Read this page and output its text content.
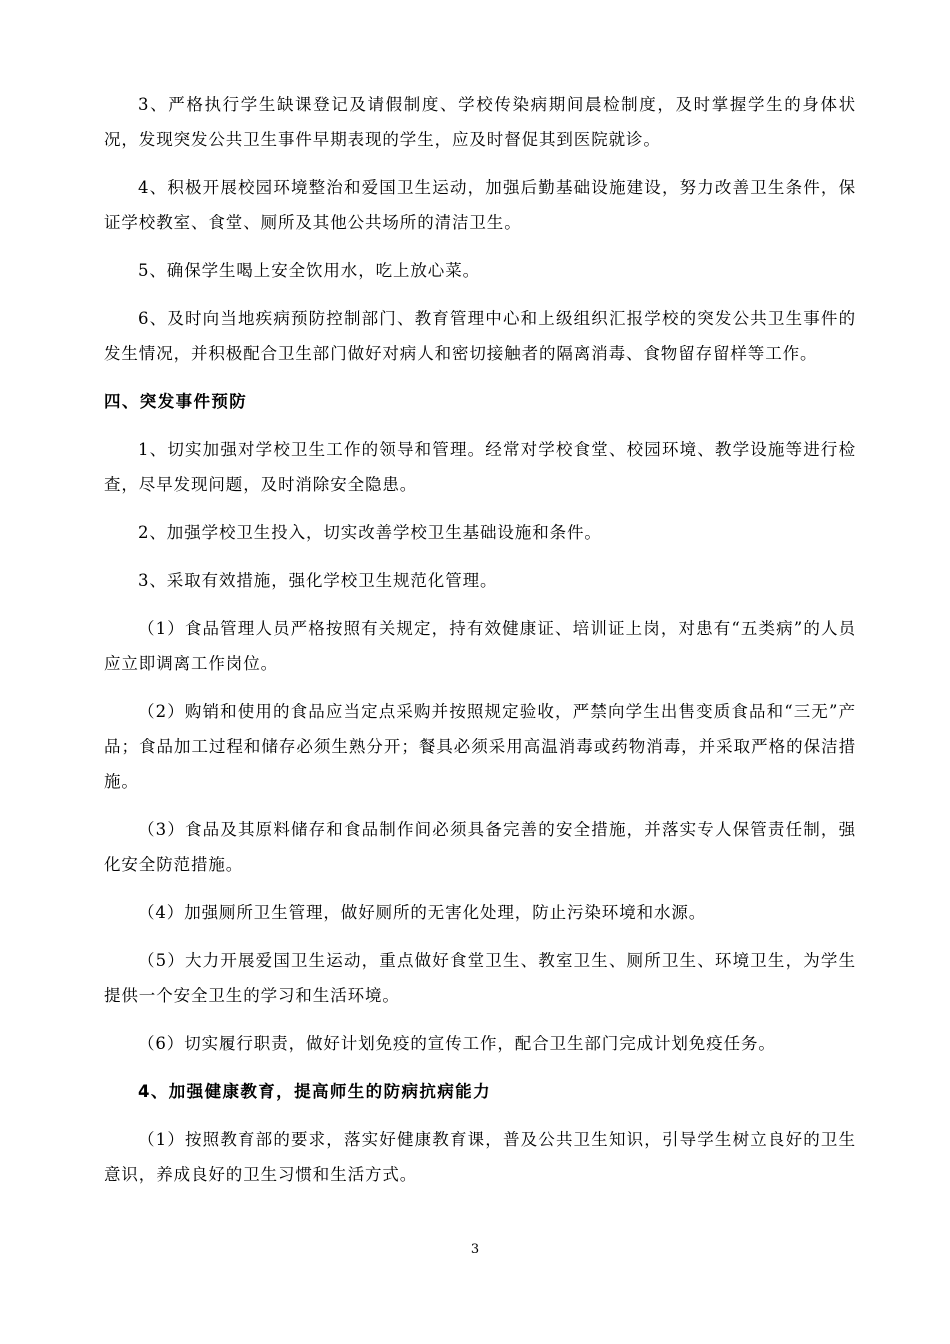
3、严格执行学生缺课登记及请假制度、学校传染病期间晨检制度，及时掌握学生的身体状况，发现突发公共卫生事件早期表现的学生，应及时督促其到医院就诊。

4、积极开展校园环境整治和爱国卫生运动，加强后勤基础设施建设，努力改善卫生条件，保证学校教室、食堂、厕所及其他公共场所的清洁卫生。

5、确保学生喝上安全饮用水，吃上放心菜。

6、及时向当地疾病预防控制部门、教育管理中心和上级组织汇报学校的突发公共卫生事件的发生情况，并积极配合卫生部门做好对病人和密切接触者的隔离消毒、食物留存留样等工作。

四、突发事件预防

1、切实加强对学校卫生工作的领导和管理。经常对学校食堂、校园环境、教学设施等进行检查，尽早发现问题，及时消除安全隐患。

2、加强学校卫生投入，切实改善学校卫生基础设施和条件。

3、采取有效措施，强化学校卫生规范化管理。

（1）食品管理人员严格按照有关规定，持有效健康证、培训证上岗，对患有“五类病”的人员应立即调离工作岗位。

（2）购销和使用的食品应当定点采购并按照规定验收，严禁向学生出售变质食品和“三无”产品；食品加工过程和储存必须生熟分开；餐具必须采用高温消毒或药物消毒，并采取严格的保洁措施。

（3）食品及其原料储存和食品制作间必须具备完善的安全措施，并落实专人保管责任制，强化安全防范措施。

（4）加强厕所卫生管理，做好厕所的无害化处理，防止污染环境和水源。

（5）大力开展爱国卫生运动，重点做好食堂卫生、教室卫生、厕所卫生、环境卫生，为学生提供一个安全卫生的学习和生活环境。

（6）切实履行职责，做好计划免疫的宣传工作，配合卫生部门完成计划免疫任务。

4、加强健康教育，提高师生的防病抗病能力

（1）按照教育部的要求，落实好健康教育课，普及公共卫生知识，引导学生树立良好的卫生意识，养成良好的卫生习惯和生活方式。

3
